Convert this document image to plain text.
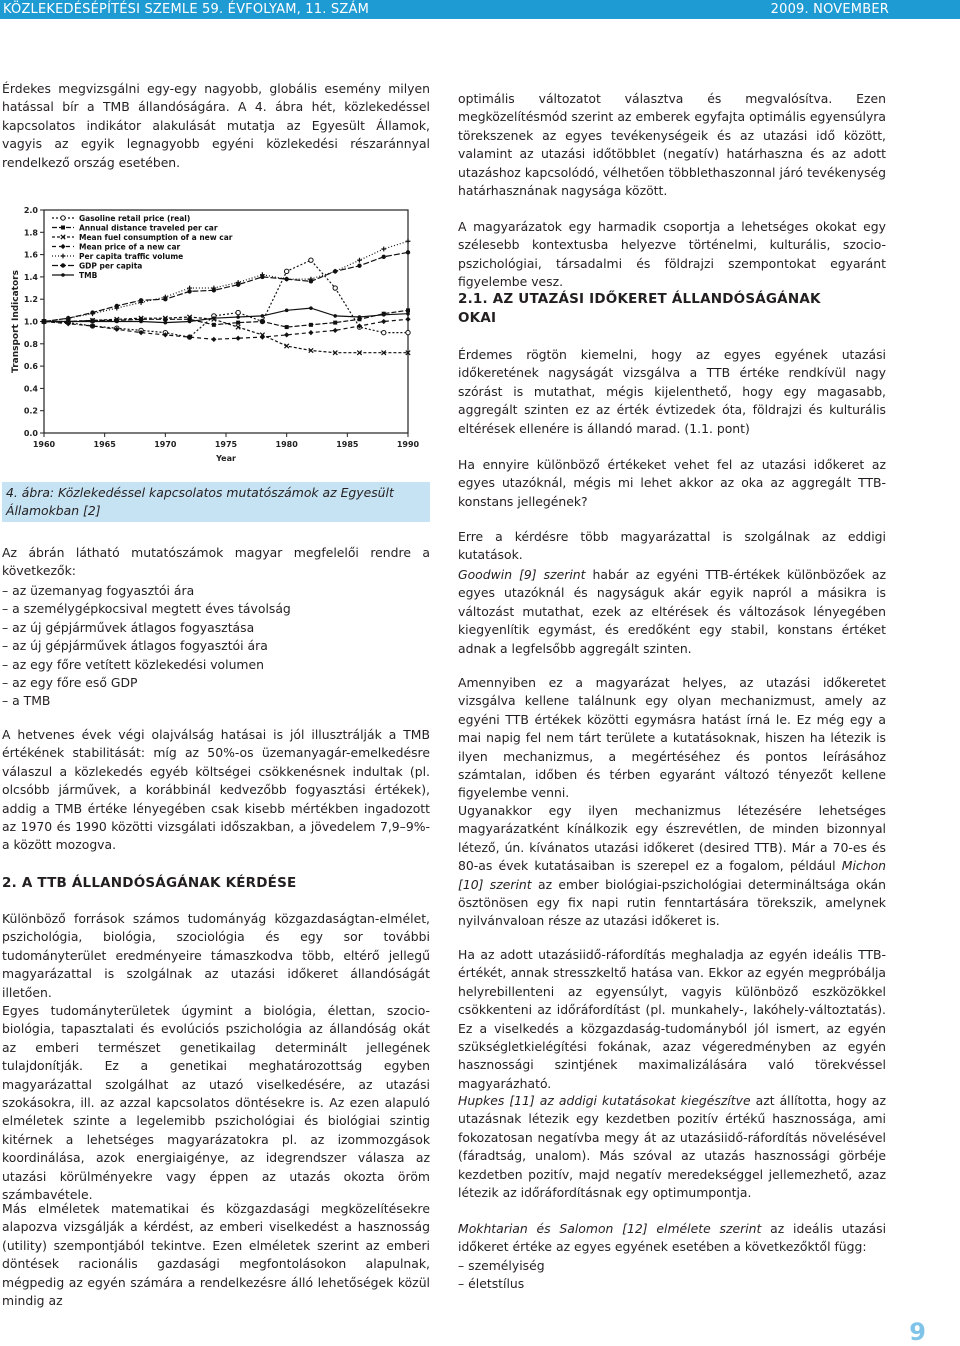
KÖZLEKEDÉSÉPÍTÉSI SZEMLE 59. ÉVFOLYAM, 11. SZÁM	2009. NOVEMBER

Érdekes megvizsgálni egy-egy nagyobb, globális esemény milyen hatással bír a TMB állandóságára. A 4. ábra hét, közlekedéssel kapcsolatos indikátor alakulását mutatja az Egyesült Államok, vagyis az egyik legnagyobb egyéni közlekedési részaránnyal rendelkező ország esetében.

0.0
0.2
0.4
0.6
0.8
1.0
1.2
1.4
1.6
1.8
2.0
1960	1965	1970	1975	1980	1985	1990
Year
Transport Indicators
Gasoline retail price (real)
Annual distance traveled per car
Mean fuel consumption of a new car
Mean price of a new car
Per capita traffic volume
GDP per capita
TMB
4. ábra: Közlekedéssel kapcsolatos mutatószámok az Egyesült Államokban [2]

Az ábrán látható mutatószámok magyar megfelelői rendre a következők:

– az üzemanyag fogyasztói ára
– a személygépkocsival megtett éves távolság
– az új gépjárművek átlagos fogyasztása
– az új gépjárművek átlagos fogyasztói ára
– az egy főre vetített közlekedési volumen
– az egy főre eső GDP
– a TMB

A hetvenes évek végi olajválság hatásai is jól illusztrálják a TMB értékének stabilitását: míg az 50%-os üzemanyagár-emelkedésre válaszul a közlekedés egyéb költségei csökkenésnek indultak (pl. olcsóbb járművek, a korábbinál kedvezőbb fogyasztási értékek), addig a TMB értéke lényegében csak kisebb mértékben ingadozott az 1970 és 1990 közötti vizsgálati időszakban, a jövedelem 7,9–9%-a között mozogva.

2. A TTB ÁLLANDÓSÁGÁNAK KÉRDÉSE

Különböző források számos tudományág közgazdaságtan-elmélet, pszichológia, biológia, szociológia és egy sor további tudományterület eredményeire támaszkodva több, eltérő jellegű magyarázattal is szolgálnak az utazási időkeret állandóságát illetően.

Egyes tudományterületek úgymint a biológia, élettan, szocio-biológia, tapasztalati és evolúciós pszichológia az állandóság okát az emberi természet genetikailag determinált jellegének tulajdonítják. Ez a genetikai meghatározottság egyben magyarázattal szolgálhat az utazó viselkedésére, az utazási szokásokra, ill. az azzal kapcsolatos döntésekre is. Az ezen alapuló elméletek szinte a legelemibb pszichológiai és biológiai szintig kitérnek a lehetséges magyarázatokra pl. az izommozgások koordinálása, azok energiaigénye, az idegrendszer válasza az utazási körülményekre vagy éppen az utazás okozta öröm számbavétele.

Más elméletek matematikai és közgazdasági megközelítésekre alapozva vizsgálják a kérdést, az emberi viselkedést a hasznosság (utility) szempontjából tekintve. Ezen elméletek szerint az emberi döntések racionális gazdasági megfontolásokon alapulnak, mégpedig az egyén számára a rendelkezésre álló lehetőségek közül mindig az

optimális változatot választva és megvalósítva. Ezen megközelítésmód szerint az emberek egyfajta optimális egyensúlyra törekszenek az egyes tevékenységeik és az utazási idő között, valamint az utazási időtöbblet (negatív) határhaszna és az adott utazáshoz kapcsolódó, vélhetően többlethaszonnal járó tevékenység határhasznának nagysága között.

A magyarázatok egy harmadik csoportja a lehetséges okokat egy szélesebb kontextusba helyezve történelmi, kulturális, szocio-pszichológiai, társadalmi és földrajzi szempontokat egyaránt figyelembe vesz.

2.1. AZ UTAZÁSI IDŐKERET ÁLLANDÓSÁGÁNAK
OKAI

Érdemes rögtön kiemelni, hogy az egyes egyének utazási időkeretének nagyságát vizsgálva a TTB értéke rendkívül nagy szórást is mutathat, mégis kijelenthető, hogy egy magasabb, aggregált szinten ez az érték évtizedek óta, földrajzi és kulturális eltérések ellenére is állandó marad. (1.1. pont)

Ha ennyire különböző értékeket vehet fel az utazási időkeret az egyes utazóknál, mégis mi lehet akkor az oka az aggregált TTB-konstans jellegének?

Erre a kérdésre több magyarázattal is szolgálnak az eddigi kutatások.

Goodwin [9] szerint habár az egyéni TTB-értékek különbözőek az egyes utazóknál és nagyságuk akár egyik napról a másikra is változást mutathat, ezek az eltérések és változások lényegében kiegyenlítik egymást, és eredőként egy stabil, konstans értéket adnak a legfelsőbb aggregált szinten.

Amennyiben ez a magyarázat helyes, az utazási időkeretet vizsgálva kellene találnunk egy olyan mechanizmust, amely az egyéni TTB értékek közötti egymásra hatást írná le. Ez még egy a mai napig fel nem tárt területe a kutatásoknak, hiszen ha létezik is ilyen mechanizmus, a megértéséhez és pontos leírásához számtalan, időben és térben egyaránt változó tényezőt kellene figyelembe venni.

Ugyanakkor egy ilyen mechanizmus létezésére lehetséges magyarázatként kínálkozik egy észrevétlen, de minden bizonnyal létező, ún. kívánatos utazási időkeret (desired TTB). Már a 70-es és 80-as évek kutatásaiban is szerepel ez a fogalom, például Michon [10] szerint az ember biológiai-pszichológiai determináltsága okán ösztönösen egy fix napi rutin fenntartására törekszik, amelynek nyilvánvaloan része az utazási időkeret is.

Ha az adott utazásiidő-ráfordítás meghaladja az egyén ideális TTB-értékét, annak stresszkeltő hatása van. Ekkor az egyén megpróbálja helyrebillenteni az egyensúlyt, vagyis különböző eszközökkel csökkenteni az időráfordítást (pl. munkahely-, lakóhely-változtatás). Ez a viselkedés a közgazdaság-tudományból jól ismert, az egyén szükségletkielégítési fokának, azaz végeredményben az egyén hasznossági szintjének maximalizálására való törekvéssel magyarázható.

Hupkes [11] az addigi kutatásokat kiegészítve azt állította, hogy az utazásnak létezik egy kezdetben pozitív értékű hasznossága, ami fokozatosan negatívba megy át az utazásiidő-ráfordítás növelésével (fáradtság, unalom). Más szóval az utazás hasznossági görbéje kezdetben pozitív, majd negatív meredekséggel jellemezhető, azaz létezik az időráfordításnak egy optimumpontja.

Mokhtarian és Salomon [12] elmélete szerint az ideális utazási időkeret értéke az egyes egyének esetében a következőktől függ:

– személyiség
– életstílus
9
